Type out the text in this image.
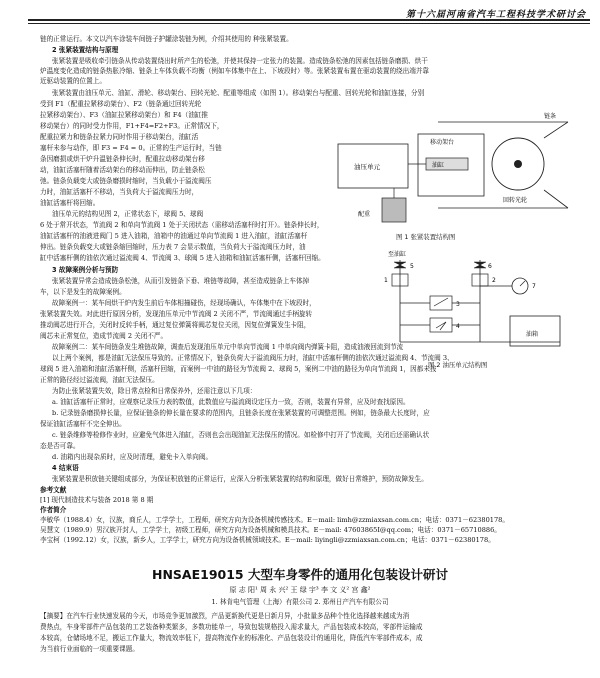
第十六届河南省汽车工程科技学术研讨会
链的正常运行。本文以汽车涂装车间链子护罐涂装链为例，介绍其使用的 种张紧装置。
2 张紧装置结构与原理
张紧装置是吸收牵引链条从传动装置绕出时所产生的松弛，并使其保持一定张力的装置。造成链条松弛的因素包括链条磨损、烘干
炉温度变化造成的链条热胀冷缩、链条上车体负载不均衡（例如车体集中在上、下坡段时）等。张紧装置布置在驱动装置的绕出端并靠
近驱动装置的位置上。
张紧装置由油压单元、油缸、滑轮、移动架台、回转光轮、配重等组成（如图 1）。移动架台与配重、回转光轮和油缸连接，分别
受到 F1（配重拉紧移动架台）、F2（链条通过回转光轮
拉紧移动架台）、F3（油缸拉紧移动架台）和 F4（油缸推
移动架台）的同时受力作用，F1+F4=F2+F3。正常情况下，
配重拉紧力和链条拉紧力同时作用于移动架台，油缸活
塞杆未参与动作，即 F3 = F4 = 0。正常的生产运行时，当链
条因磨损或烘干炉升温链条伸长时，配重拉动移动架台移
动，油缸活塞杆随着活动架台的移动而伸出，防止链条松
弛。链条负载变大或链条磨损时缩时，当负载小于溢流阀压
力时，油缸活塞杆不移动，当负荷大于溢流阀压力时，
油缸活塞杆将回缩。
油压单元
移动架台
油缸
回转光轮
链条
配重
图 1 张紧装置结构图
油压单元的结构见图 2，正常状态下，球阀 5、球阀
6 处于常开状态，节流阀 2 和单向节流阀 1 处于关闭状态（需移动活塞杆时打开）。链条伸长时，
油缸活塞杆的油液进阀门 5 进入油箱，油箱中的油通过单向节流阀 1 进入油缸，油缸活塞杆
伸出。链条负载变大或链条缩回缩时，压力表 7 会显示数值，当负荷大于溢流阀压力时，油
缸中活塞杆侧的油依次通过溢流阀 4、节流阀 3、球阀 5 进入油箱和油缸活塞杆侧，活塞杆回缩。	至油缸
油箱
1	2
3
4
5	6
7
图 2 油压单元结构图
3 故障案例分析与预防
张紧装置异常会造成链条松弛，从而引发链条下垂、堆链等故障，甚至造成链条上车体掉
车，以下是发生的故障案例。
故障案例一：某车间烘干炉内发生前后车体相撞碰伤，经现场确认，车体集中在下坡段时，
张紧装置失效。对此进行原因分析，发现油压单元中节流阀 2 关闭不严，节流阀通过手柄旋转
推动阀芯进行开合，关闭时反转手柄，通过复位弹簧将阀芯复位关闭，因复位弹簧发生卡阻，
阀芯未正常复位，造成节流阀 2 关闭不严。
故障案例二：某车间链条发生堆链故障，调查后发现油压单元中单向节流阀 1 中单向阀内弹簧卡阻，造成油液回流到节流
以上两个案例，都是油缸无法保压导致的。正常情况下，链条负荷大于溢流阀压力时，油缸中活塞杆侧的油依次通过溢流阀 4、节流阀 3、
球阀 5 进入油箱和油缸活塞杆侧，活塞杆回缩，而案例一中油的路径为节流阀 2、球阀 5，案例二中油的路径为单向节流阀 1，因都未按
正常的路径经过溢流阀，油缸无法保压。
为防止张紧装置失效，除日常点检和日常保养外，还需注意以下几项：
a. 油缸活塞杆正常时，应观察记录压力表的数值，此数值应与溢流阀设定压力一致，否则，装置有异常，应及时查找原因。
b. 记录链条磨损伸长量，应保证链条的伸长量在要求的范围内，且链条长度在张紧装置的可调整范围。例如，链条最大长度时，应
保证油缸活塞杆不完全伸出。
c. 链条维修等检修作业时，应避免气体进入油缸，否则也会出现油缸无法保压的情况。如检修中打开了节流阀，关闭后还需确认状
态是否可靠。
d. 油箱内出现杂质时，应及时清理，避免卡入单向阀。
4 结束语
张紧装置是积放链关键组成部分，为保证积放链的正常运行，应深入分析张紧装置的结构和原理，做好日常维护，预防故障发生。
参考文献
[1] 现代制造技术与装备 2018 第 8 期
作者简介
李敏华（1988.4）女，汉族，商丘人，工学学士，工程师，研究方向为设备机械传感技术。E－mail: limh@zzmiaxsan.com.cn；电话：0371－62380178。
吴慧文（1989.9）男汉族开封人，工学学士，初级工程师，研究方向为设备机械和模具技术。E－mail: 47603865I@qq.com；电话：0371－65710886。
李宝柯（1992.12）女，汉族，新乡人，工学学士，研究方向为设备机械领域技术。E－mail: liyingli@zzmiaxsan.com.cn；电话：0371－62380178。
HNSAE19015 大型车身零件的通用化包装设计研讨
原 志 阳¹ 周 永 兴² 王 绿 宇³ 李 文 义² 宫 鑫²
1. 林肯电气管理（上海）有限公司 2. 郑州日产汽车有限公司
【摘要】在汽车行业快速发展的今天，市场竞争更加激烈，产品更新换代更是日新月异，小批量多品种个性化选择越来越成为消
费热点，车身零部件产品包装的工艺装备种类繁多，多数功能单一，导致包装规格投入需求量大，产品包装成本较高，零部件运输成
本较高，仓储场地不足，搬运工作量大，物流效率低下，提高物流作业的标准化、产品包装设计的通用化，降低汽车零部件成本，成
为当前行业面临的一项重要课题。
